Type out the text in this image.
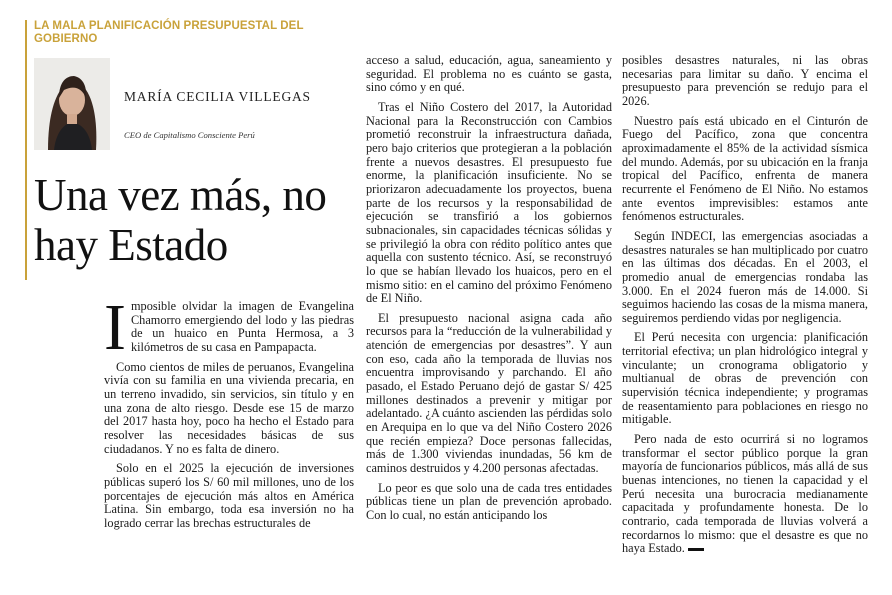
LA MALA PLANIFICACIÓN PRESUPUESTAL DEL GOBIERNO
MARÍA CECILIA VILLEGAS
CEO de Capitalismo Consciente Perú
Una vez más, no hay Estado

Imposible olvidar la imagen de Evangelina Chamorro emergiendo del lodo y las piedras de un huaico en Punta Hermosa, a 3 kilómetros de su casa en Pampapacta.

Como cientos de miles de peruanos, Evangelina vivía con su familia en una vivienda precaria, en un terreno invadido, sin servicios, sin título y en una zona de alto riesgo. Desde ese 15 de marzo del 2017 hasta hoy, poco ha hecho el Estado para resolver las necesidades básicas de sus ciudadanos. Y no es falta de dinero.

Solo en el 2025 la ejecución de inversiones públicas superó los S/ 60 mil millones, uno de los porcentajes de ejecución más altos en América Latina. Sin embargo, toda esa inversión no ha logrado cerrar las brechas estructurales de

acceso a salud, educación, agua, saneamiento y seguridad. El problema no es cuánto se gasta, sino cómo y en qué.

Tras el Niño Costero del 2017, la Autoridad Nacional para la Reconstrucción con Cambios prometió reconstruir la infraestructura dañada, pero bajo criterios que protegieran a la población frente a nuevos desastres. El presupuesto fue enorme, la planificación insuficiente. No se priorizaron adecuadamente los proyectos, buena parte de los recursos y la responsabilidad de ejecución se transfirió a los gobiernos subnacionales, sin capacidades técnicas sólidas y se privilegió la obra con rédito político antes que aquella con sustento técnico. Así, se reconstruyó lo que se habían llevado los huaicos, pero en el mismo sitio: en el camino del próximo Fenómeno de El Niño.

El presupuesto nacional asigna cada año recursos para la “reducción de la vulnerabilidad y atención de emergencias por desastres”. Y aun con eso, cada año la temporada de lluvias nos encuentra improvisando y parchando. El año pasado, el Estado Peruano dejó de gastar S/ 425 millones destinados a prevenir y mitigar por adelantado. ¿A cuánto ascienden las pérdidas solo en Arequipa en lo que va del Niño Costero 2026 que recién empieza? Doce personas fallecidas, más de 1.300 viviendas inundadas, 56 km de caminos destruidos y 4.200 personas afectadas.

Lo peor es que solo una de cada tres entidades públicas tiene un plan de prevención aprobado. Con lo cual, no están anticipando los

posibles desastres naturales, ni las obras necesarias para limitar su daño. Y encima el presupuesto para prevención se redujo para el 2026.

Nuestro país está ubicado en el Cinturón de Fuego del Pacífico, zona que concentra aproximadamente el 85% de la actividad sísmica del mundo. Además, por su ubicación en la franja tropical del Pacífico, enfrenta de manera recurrente el Fenómeno de El Niño. No estamos ante eventos imprevisibles: estamos ante fenómenos estructurales.

Según INDECI, las emergencias asociadas a desastres naturales se han multiplicado por cuatro en las últimas dos décadas. En el 2003, el promedio anual de emergencias rondaba las 3.000. En el 2024 fueron más de 14.000. Si seguimos haciendo las cosas de la misma manera, seguiremos perdiendo vidas por negligencia.

El Perú necesita con urgencia: planificación territorial efectiva; un plan hidrológico integral y vinculante; un cronograma obligatorio y multianual de obras de prevención con supervisión técnica independiente; y programas de reasentamiento para poblaciones en riesgo no mitigable.

Pero nada de esto ocurrirá si no logramos transformar el sector público porque la gran mayoría de funcionarios públicos, más allá de sus buenas intenciones, no tienen la capacidad y el Perú necesita una burocracia medianamente capacitada y profundamente honesta. De lo contrario, cada temporada de lluvias volverá a recordarnos lo mismo: que el desastre es que no haya Estado.
